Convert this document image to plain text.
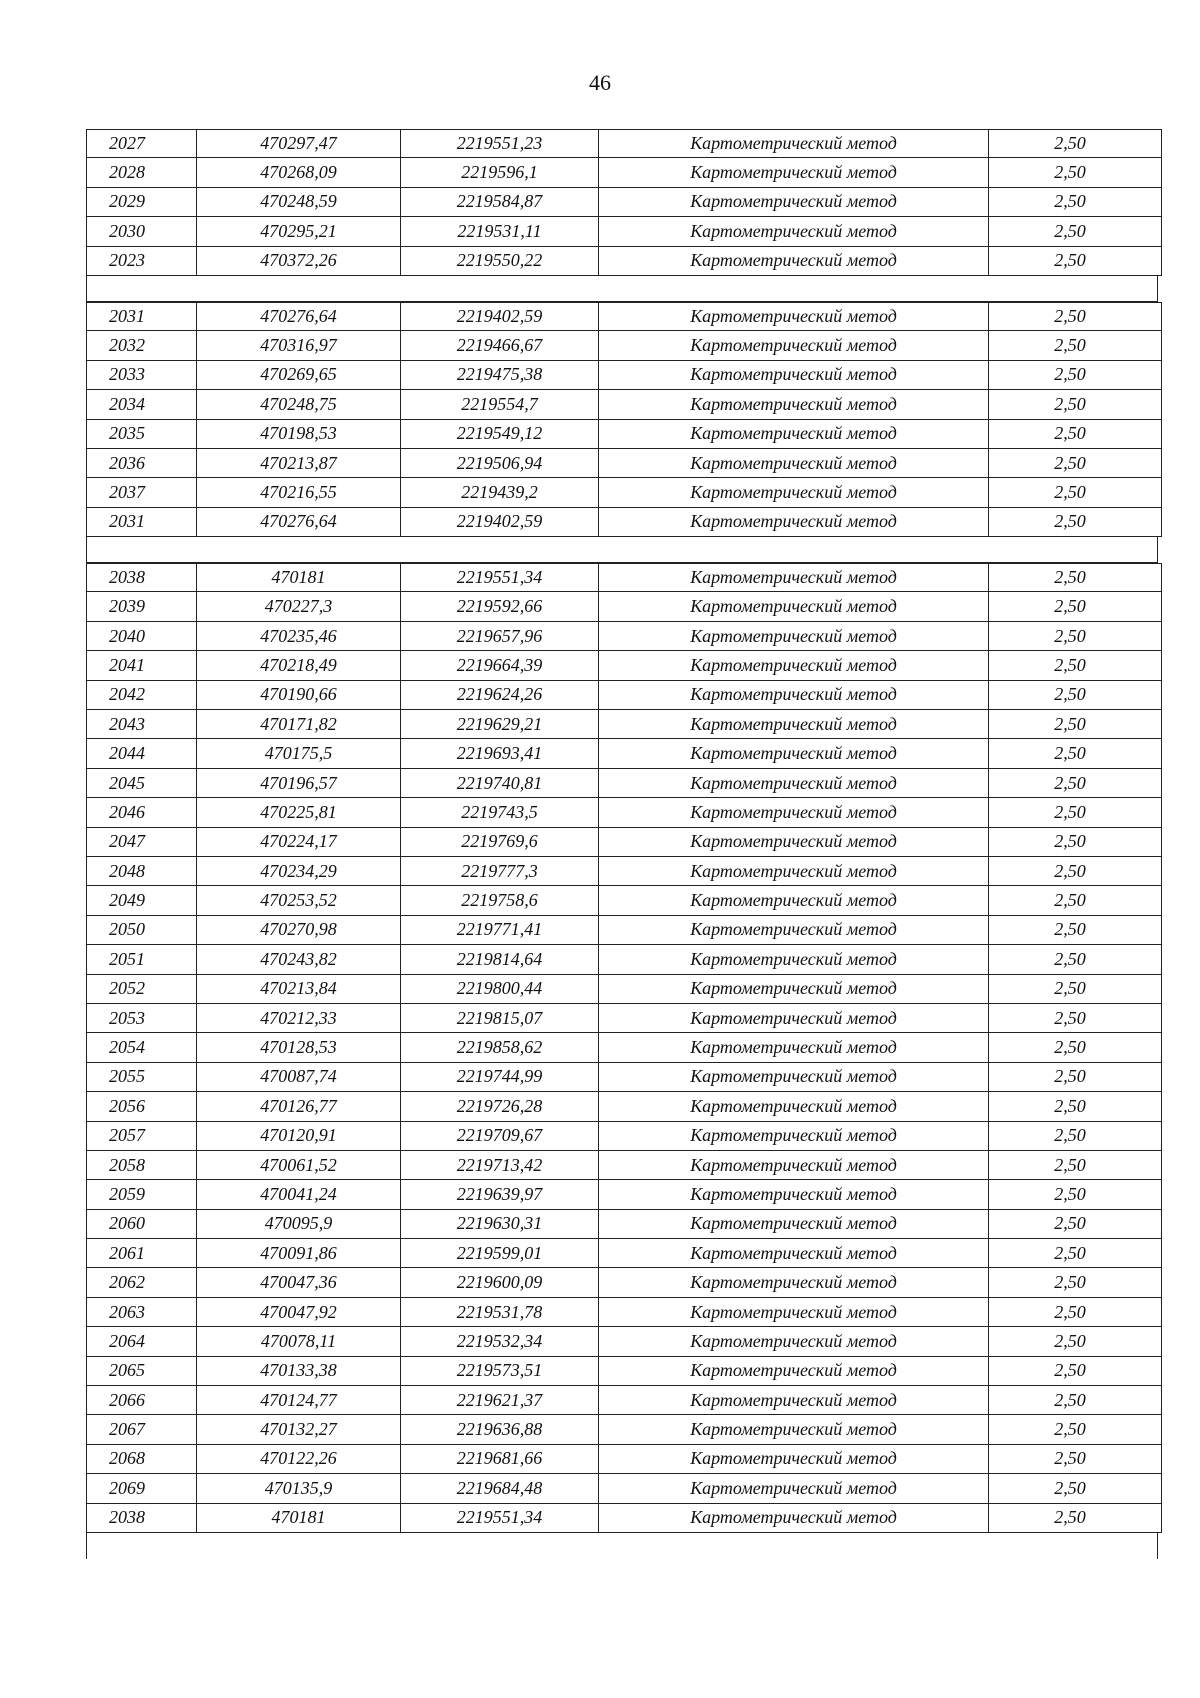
46
2027	470297,47	2219551,23	Картометрический метод	2,50
2028	470268,09	2219596,1	Картометрический метод	2,50
2029	470248,59	2219584,87	Картометрический метод	2,50
2030	470295,21	2219531,11	Картометрический метод	2,50
2023	470372,26	2219550,22	Картометрический метод	2,50
2031	470276,64	2219402,59	Картометрический метод	2,50
2032	470316,97	2219466,67	Картометрический метод	2,50
2033	470269,65	2219475,38	Картометрический метод	2,50
2034	470248,75	2219554,7	Картометрический метод	2,50
2035	470198,53	2219549,12	Картометрический метод	2,50
2036	470213,87	2219506,94	Картометрический метод	2,50
2037	470216,55	2219439,2	Картометрический метод	2,50
2031	470276,64	2219402,59	Картометрический метод	2,50
2038	470181	2219551,34	Картометрический метод	2,50
2039	470227,3	2219592,66	Картометрический метод	2,50
2040	470235,46	2219657,96	Картометрический метод	2,50
2041	470218,49	2219664,39	Картометрический метод	2,50
2042	470190,66	2219624,26	Картометрический метод	2,50
2043	470171,82	2219629,21	Картометрический метод	2,50
2044	470175,5	2219693,41	Картометрический метод	2,50
2045	470196,57	2219740,81	Картометрический метод	2,50
2046	470225,81	2219743,5	Картометрический метод	2,50
2047	470224,17	2219769,6	Картометрический метод	2,50
2048	470234,29	2219777,3	Картометрический метод	2,50
2049	470253,52	2219758,6	Картометрический метод	2,50
2050	470270,98	2219771,41	Картометрический метод	2,50
2051	470243,82	2219814,64	Картометрический метод	2,50
2052	470213,84	2219800,44	Картометрический метод	2,50
2053	470212,33	2219815,07	Картометрический метод	2,50
2054	470128,53	2219858,62	Картометрический метод	2,50
2055	470087,74	2219744,99	Картометрический метод	2,50
2056	470126,77	2219726,28	Картометрический метод	2,50
2057	470120,91	2219709,67	Картометрический метод	2,50
2058	470061,52	2219713,42	Картометрический метод	2,50
2059	470041,24	2219639,97	Картометрический метод	2,50
2060	470095,9	2219630,31	Картометрический метод	2,50
2061	470091,86	2219599,01	Картометрический метод	2,50
2062	470047,36	2219600,09	Картометрический метод	2,50
2063	470047,92	2219531,78	Картометрический метод	2,50
2064	470078,11	2219532,34	Картометрический метод	2,50
2065	470133,38	2219573,51	Картометрический метод	2,50
2066	470124,77	2219621,37	Картометрический метод	2,50
2067	470132,27	2219636,88	Картометрический метод	2,50
2068	470122,26	2219681,66	Картометрический метод	2,50
2069	470135,9	2219684,48	Картометрический метод	2,50
2038	470181	2219551,34	Картометрический метод	2,50
